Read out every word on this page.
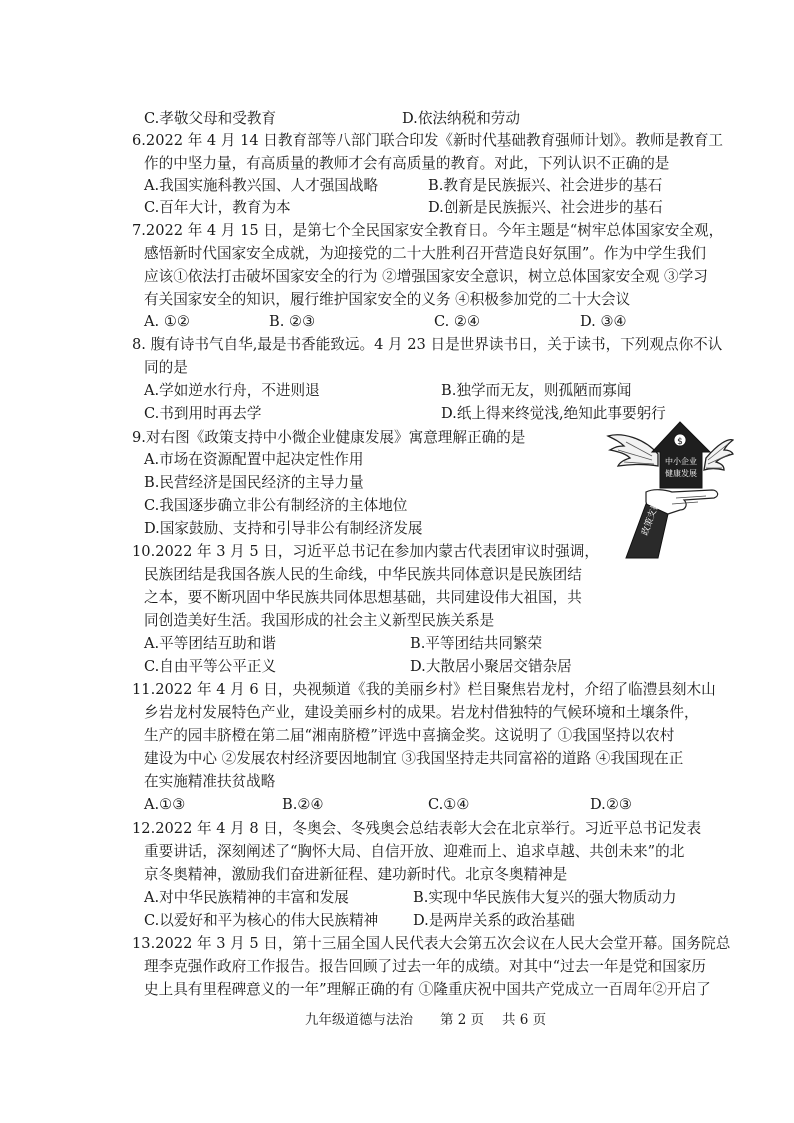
C.孝敬父母和受教育	D.依法纳税和劳动
6.2022 年 4 月 14 日教育部等八部门联合印发《新时代基础教育强师计划》。教师是教育工
作的中坚力量，有高质量的教师才会有高质量的教育。对此，下列认识不正确的是
A.我国实施科教兴国、人才强国战略	B.教育是民族振兴、社会进步的基石
C.百年大计，教育为本	D.创新是民族振兴、社会进步的基石
7.2022 年 4 月 15 日，是第七个全民国家安全教育日。今年主题是“树牢总体国家安全观，
感悟新时代国家安全成就，为迎接党的二十大胜利召开营造良好氛围”。作为中学生我们
应该①依法打击破坏国家安全的行为 ②增强国家安全意识，树立总体国家安全观 ③学习
有关国家安全的知识，履行维护国家安全的义务 ④积极参加党的二十大会议
A. ①②	B. ②③	C. ②④	D. ③④
8. 腹有诗书气自华,最是书香能致远。4 月 23 日是世界读书日，关于读书，下列观点你不认
同的是
A.学如逆水行舟，不进则退	B.独学而无友，则孤陋而寡闻
C.书到用时再去学	D.纸上得来终觉浅,绝知此事要躬行
9.对右图《政策支持中小微企业健康发展》寓意理解正确的是
A.市场在资源配置中起决定性作用
B.民营经济是国民经济的主导力量
C.我国逐步确立非公有制经济的主体地位
D.国家鼓励、支持和引导非公有制经济发展
$
中小企业
健康发展
政策支持
10.2022 年 3 月 5 日，习近平总书记在参加内蒙古代表团审议时强调，
民族团结是我国各族人民的生命线，中华民族共同体意识是民族团结
之本，要不断巩固中华民族共同体思想基础，共同建设伟大祖国，共
同创造美好生活。我国形成的社会主义新型民族关系是
A.平等团结互助和谐	B.平等团结共同繁荣
C.自由平等公平正义	D.大散居小聚居交错杂居
11.2022 年 4 月 6 日，央视频道《我的美丽乡村》栏目聚焦岩龙村，介绍了临澧县刻木山
乡岩龙村发展特色产业，建设美丽乡村的成果。岩龙村借独特的气候环境和土壤条件，
生产的园丰脐橙在第二届“湘南脐橙”评选中喜摘金奖。这说明了 ①我国坚持以农村
建设为中心 ②发展农村经济要因地制宜 ③我国坚持走共同富裕的道路 ④我国现在正
在实施精准扶贫战略
A.①③	B.②④	C.①④	D.②③
12.2022 年 4 月 8 日，冬奥会、冬残奥会总结表彰大会在北京举行。习近平总书记发表
重要讲话，深刻阐述了“胸怀大局、自信开放、迎难而上、追求卓越、共创未来”的北
京冬奥精神，激励我们奋进新征程、建功新时代。北京冬奥精神是
A.对中华民族精神的丰富和发展	B.实现中华民族伟大复兴的强大物质动力
C.以爱好和平为核心的伟大民族精神 D.是两岸关系的政治基础
13.2022 年 3 月 5 日，第十三届全国人民代表大会第五次会议在人民大会堂开幕。国务院总
理李克强作政府工作报告。报告回顾了过去一年的成绩。对其中“过去一年是党和国家历
史上具有里程碑意义的一年”理解正确的有 ①隆重庆祝中国共产党成立一百周年②开启了
九年级道德与法治 第 2 页 共 6 页
